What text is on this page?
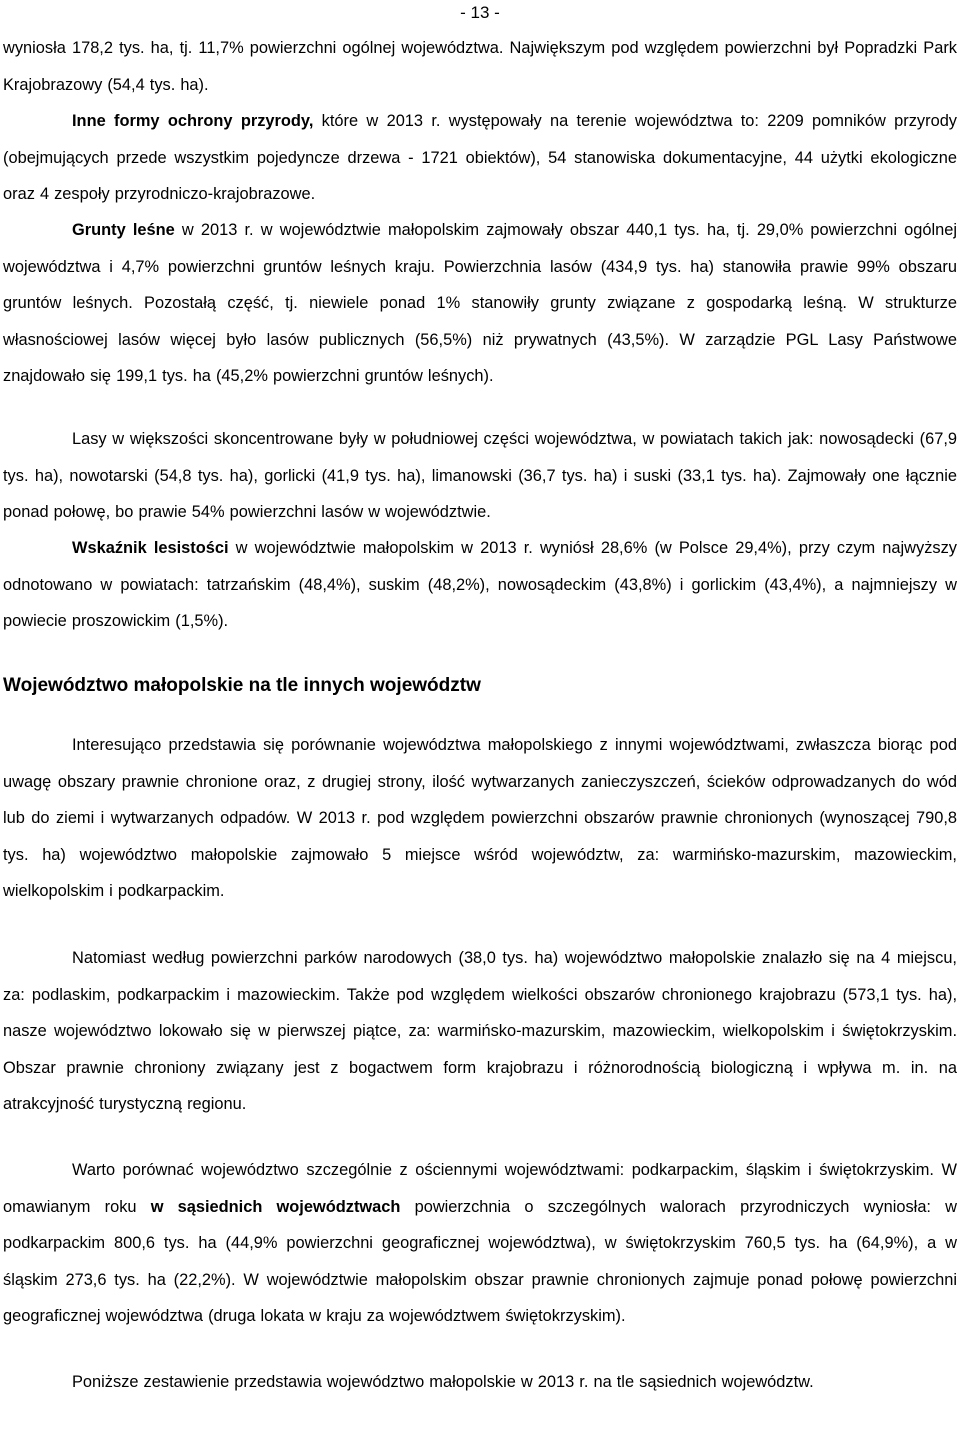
- 13 -

wyniosła 178,2 tys. ha, tj. 11,7% powierzchni ogólnej województwa. Największym pod względem powierzchni był Popradzki Park Krajobrazowy (54,4 tys. ha).

Inne formy ochrony przyrody, które w 2013 r. występowały na terenie województwa to: 2209 pomników przyrody (obejmujących przede wszystkim pojedyncze drzewa - 1721 obiektów), 54 stanowiska dokumentacyjne, 44 użytki ekologiczne oraz 4 zespoły przyrodniczo-krajobrazowe.

Grunty leśne w 2013 r. w województwie małopolskim zajmowały obszar 440,1 tys. ha, tj. 29,0% powierzchni ogólnej województwa i 4,7% powierzchni gruntów leśnych kraju. Powierzchnia lasów (434,9 tys. ha) stanowiła prawie 99% obszaru gruntów leśnych. Pozostałą część, tj. niewiele ponad 1% stanowiły grunty związane z gospodarką leśną. W strukturze własnościowej lasów więcej było lasów publicznych (56,5%) niż prywatnych (43,5%). W zarządzie PGL Lasy Państwowe znajdowało się 199,1 tys. ha (45,2% powierzchni gruntów leśnych).

Lasy w większości skoncentrowane były w południowej części województwa, w powiatach takich jak: nowosądecki (67,9 tys. ha), nowotarski (54,8 tys. ha), gorlicki (41,9 tys. ha), limanowski (36,7 tys. ha) i suski (33,1 tys. ha). Zajmowały one łącznie ponad połowę, bo prawie 54% powierzchni lasów w województwie.

Wskaźnik lesistości w województwie małopolskim w 2013 r. wyniósł 28,6% (w Polsce 29,4%), przy czym najwyższy odnotowano w powiatach: tatrzańskim (48,4%), suskim (48,2%), nowosądeckim (43,8%) i gorlickim (43,4%), a najmniejszy w powiecie proszowickim (1,5%).

Województwo małopolskie na tle innych województw

Interesująco przedstawia się porównanie województwa małopolskiego z innymi województwami, zwłaszcza biorąc pod uwagę obszary prawnie chronione oraz, z drugiej strony, ilość wytwarzanych zanieczyszczeń, ścieków odprowadzanych do wód lub do ziemi i wytwarzanych odpadów. W 2013 r. pod względem powierzchni obszarów prawnie chronionych (wynoszącej 790,8 tys. ha) województwo małopolskie zajmowało 5 miejsce wśród województw, za: warmińsko-mazurskim, mazowieckim, wielkopolskim i podkarpackim.

Natomiast według powierzchni parków narodowych (38,0 tys. ha) województwo małopolskie znalazło się na 4 miejscu, za: podlaskim, podkarpackim i mazowieckim. Także pod względem wielkości obszarów chronionego krajobrazu (573,1 tys. ha), nasze województwo lokowało się w pierwszej piątce, za: warmińsko-mazurskim, mazowieckim, wielkopolskim i świętokrzyskim. Obszar prawnie chroniony związany jest z bogactwem form krajobrazu i różnorodnością biologiczną i wpływa m. in. na atrakcyjność turystyczną regionu.

Warto porównać województwo szczególnie z ościennymi województwami: podkarpackim, śląskim i świętokrzyskim. W omawianym roku w sąsiednich województwach powierzchnia o szczególnych walorach przyrodniczych wyniosła: w podkarpackim 800,6 tys. ha (44,9% powierzchni geograficznej województwa), w świętokrzyskim 760,5 tys. ha (64,9%), a w śląskim 273,6 tys. ha (22,2%). W województwie małopolskim obszar prawnie chronionych zajmuje ponad połowę powierzchni geograficznej województwa (druga lokata w kraju za województwem świętokrzyskim).

Poniższe zestawienie przedstawia województwo małopolskie w 2013 r. na tle sąsiednich województw.
